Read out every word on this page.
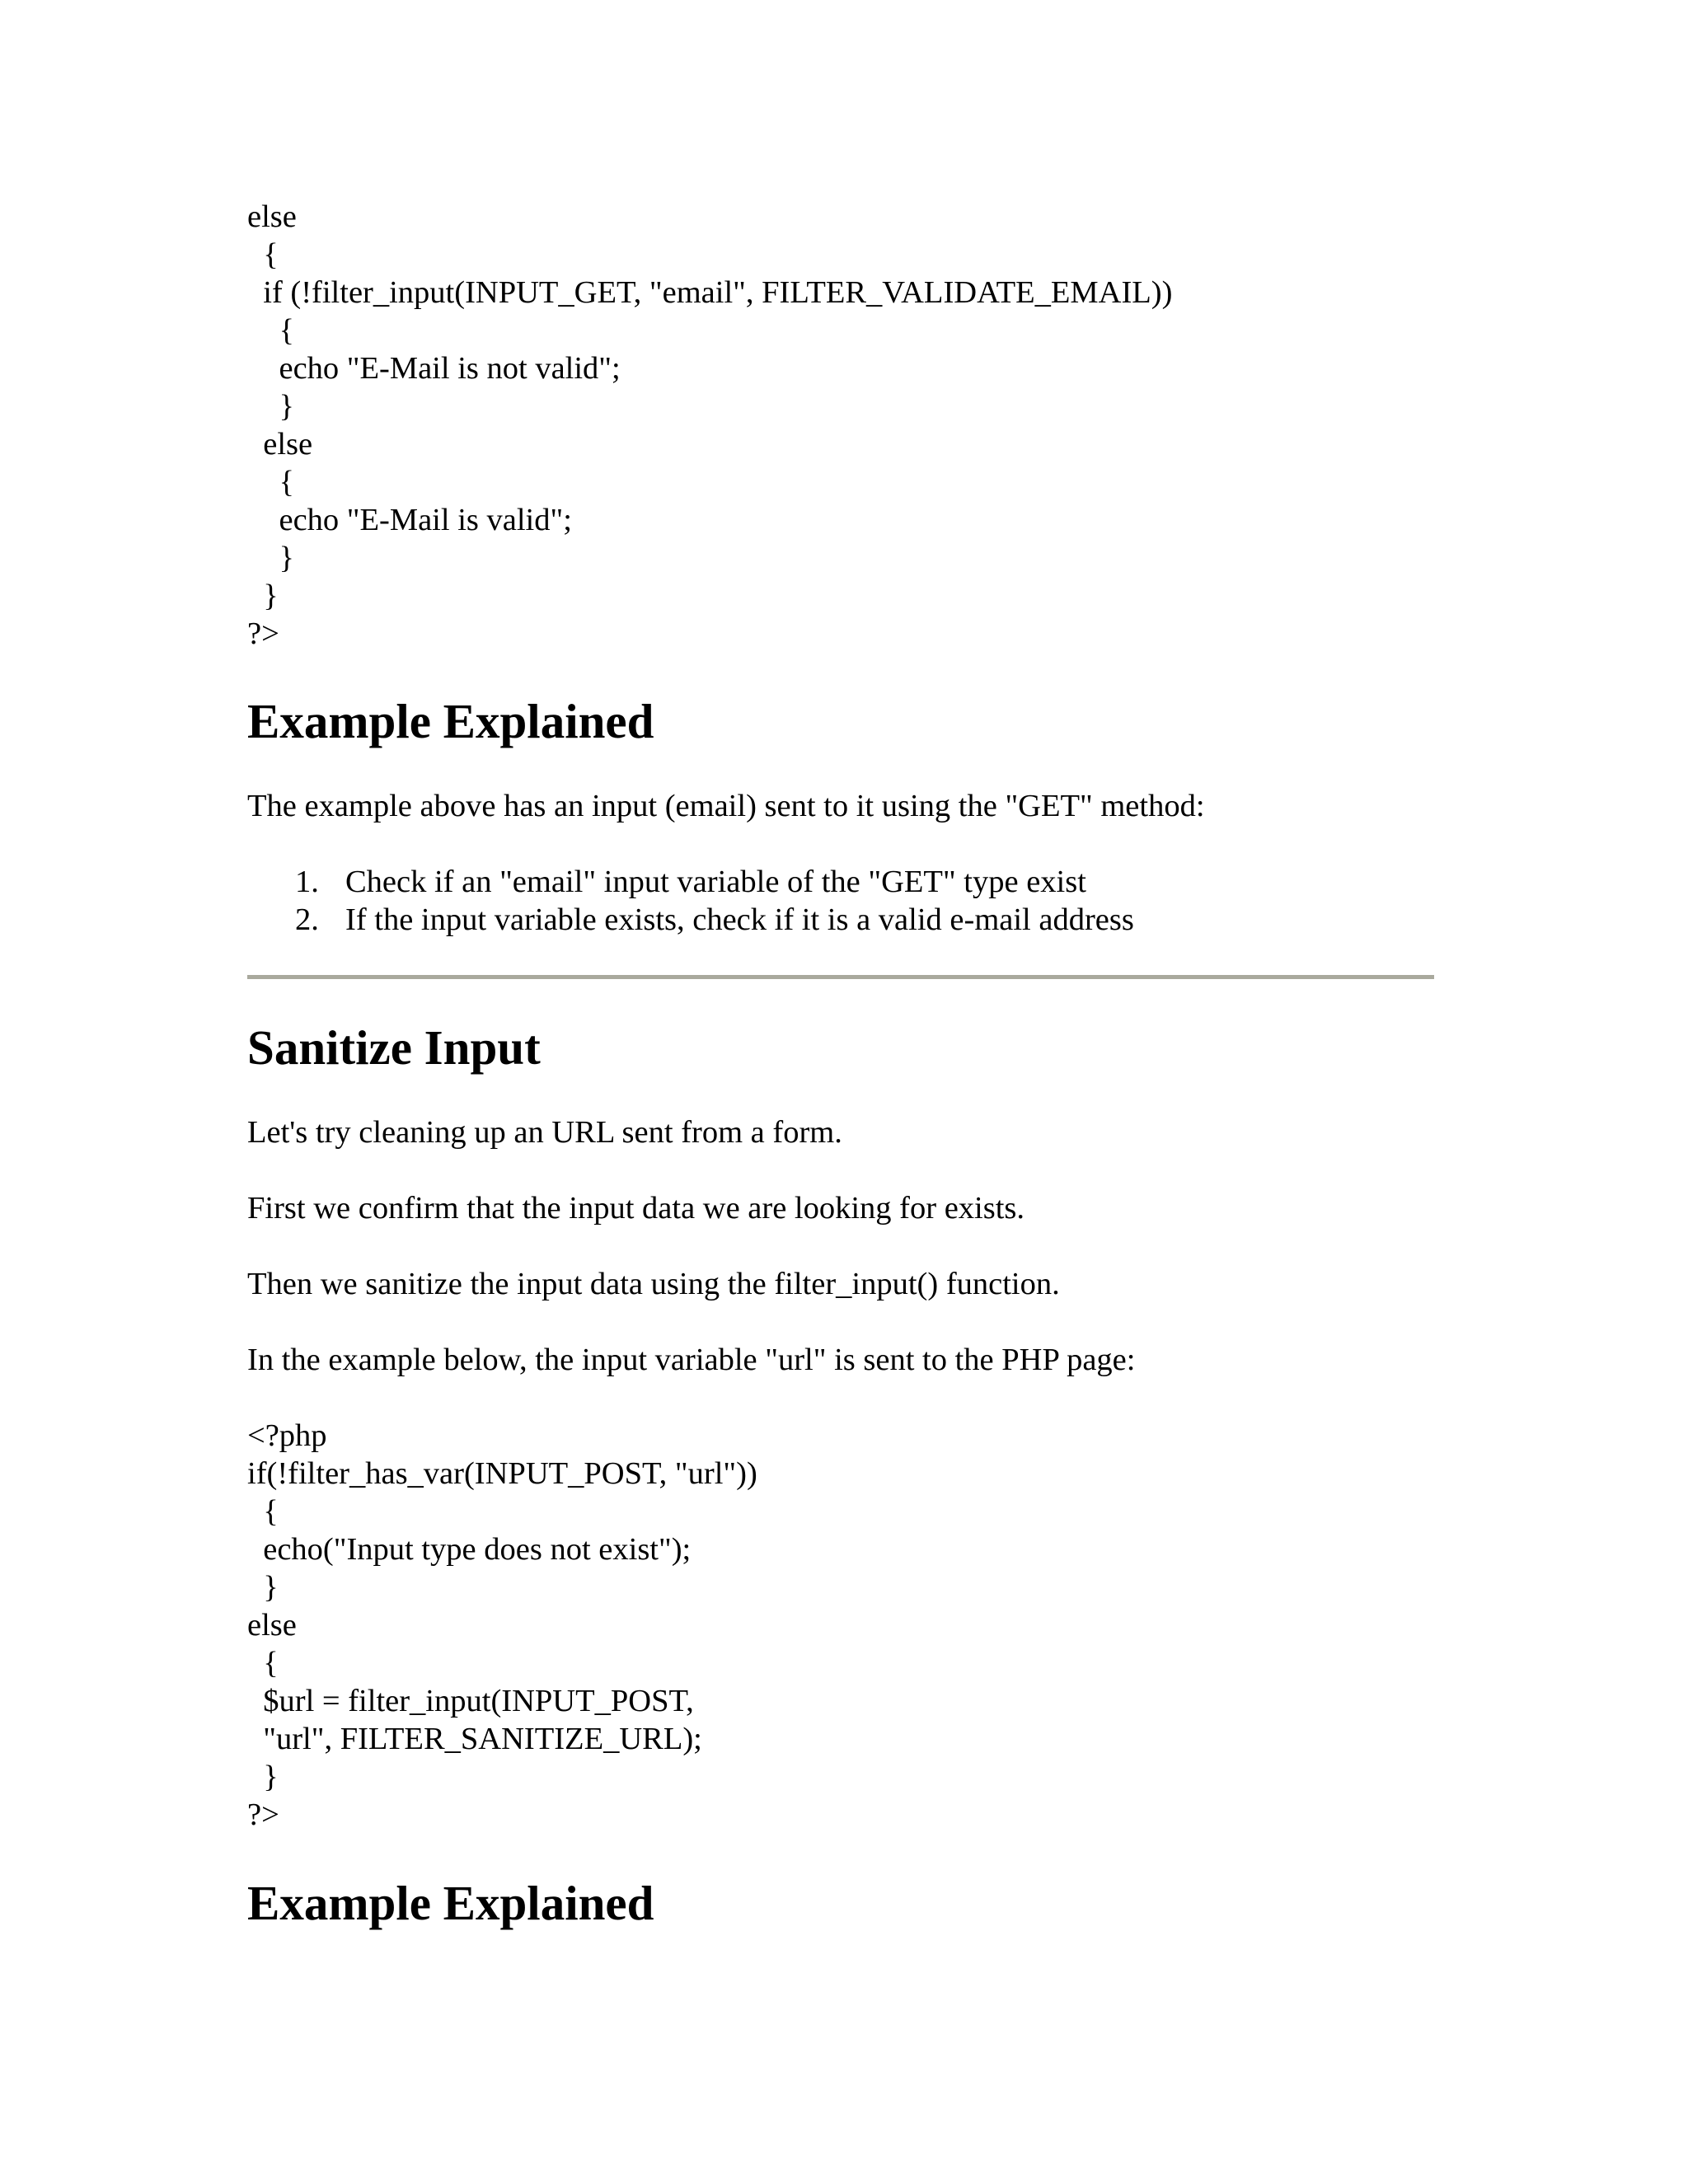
else
{
if (!filter_input(INPUT_GET, "email", FILTER_VALIDATE_EMAIL))
{
echo "E-Mail is not valid";
}
else
{
echo "E-Mail is valid";
}
}
?>
Example Explained

The example above has an input (email) sent to it using the "GET" method:

1. Check if an "email" input variable of the "GET" type exist
2. If the input variable exists, check if it is a valid e-mail address
Sanitize Input

Let's try cleaning up an URL sent from a form.

First we confirm that the input data we are looking for exists.

Then we sanitize the input data using the filter_input() function.

In the example below, the input variable "url" is sent to the PHP page:

<?php
if(!filter_has_var(INPUT_POST, "url"))
{
echo("Input type does not exist");
}
else
{
$url = filter_input(INPUT_POST,
"url", FILTER_SANITIZE_URL);
}
?>
Example Explained
